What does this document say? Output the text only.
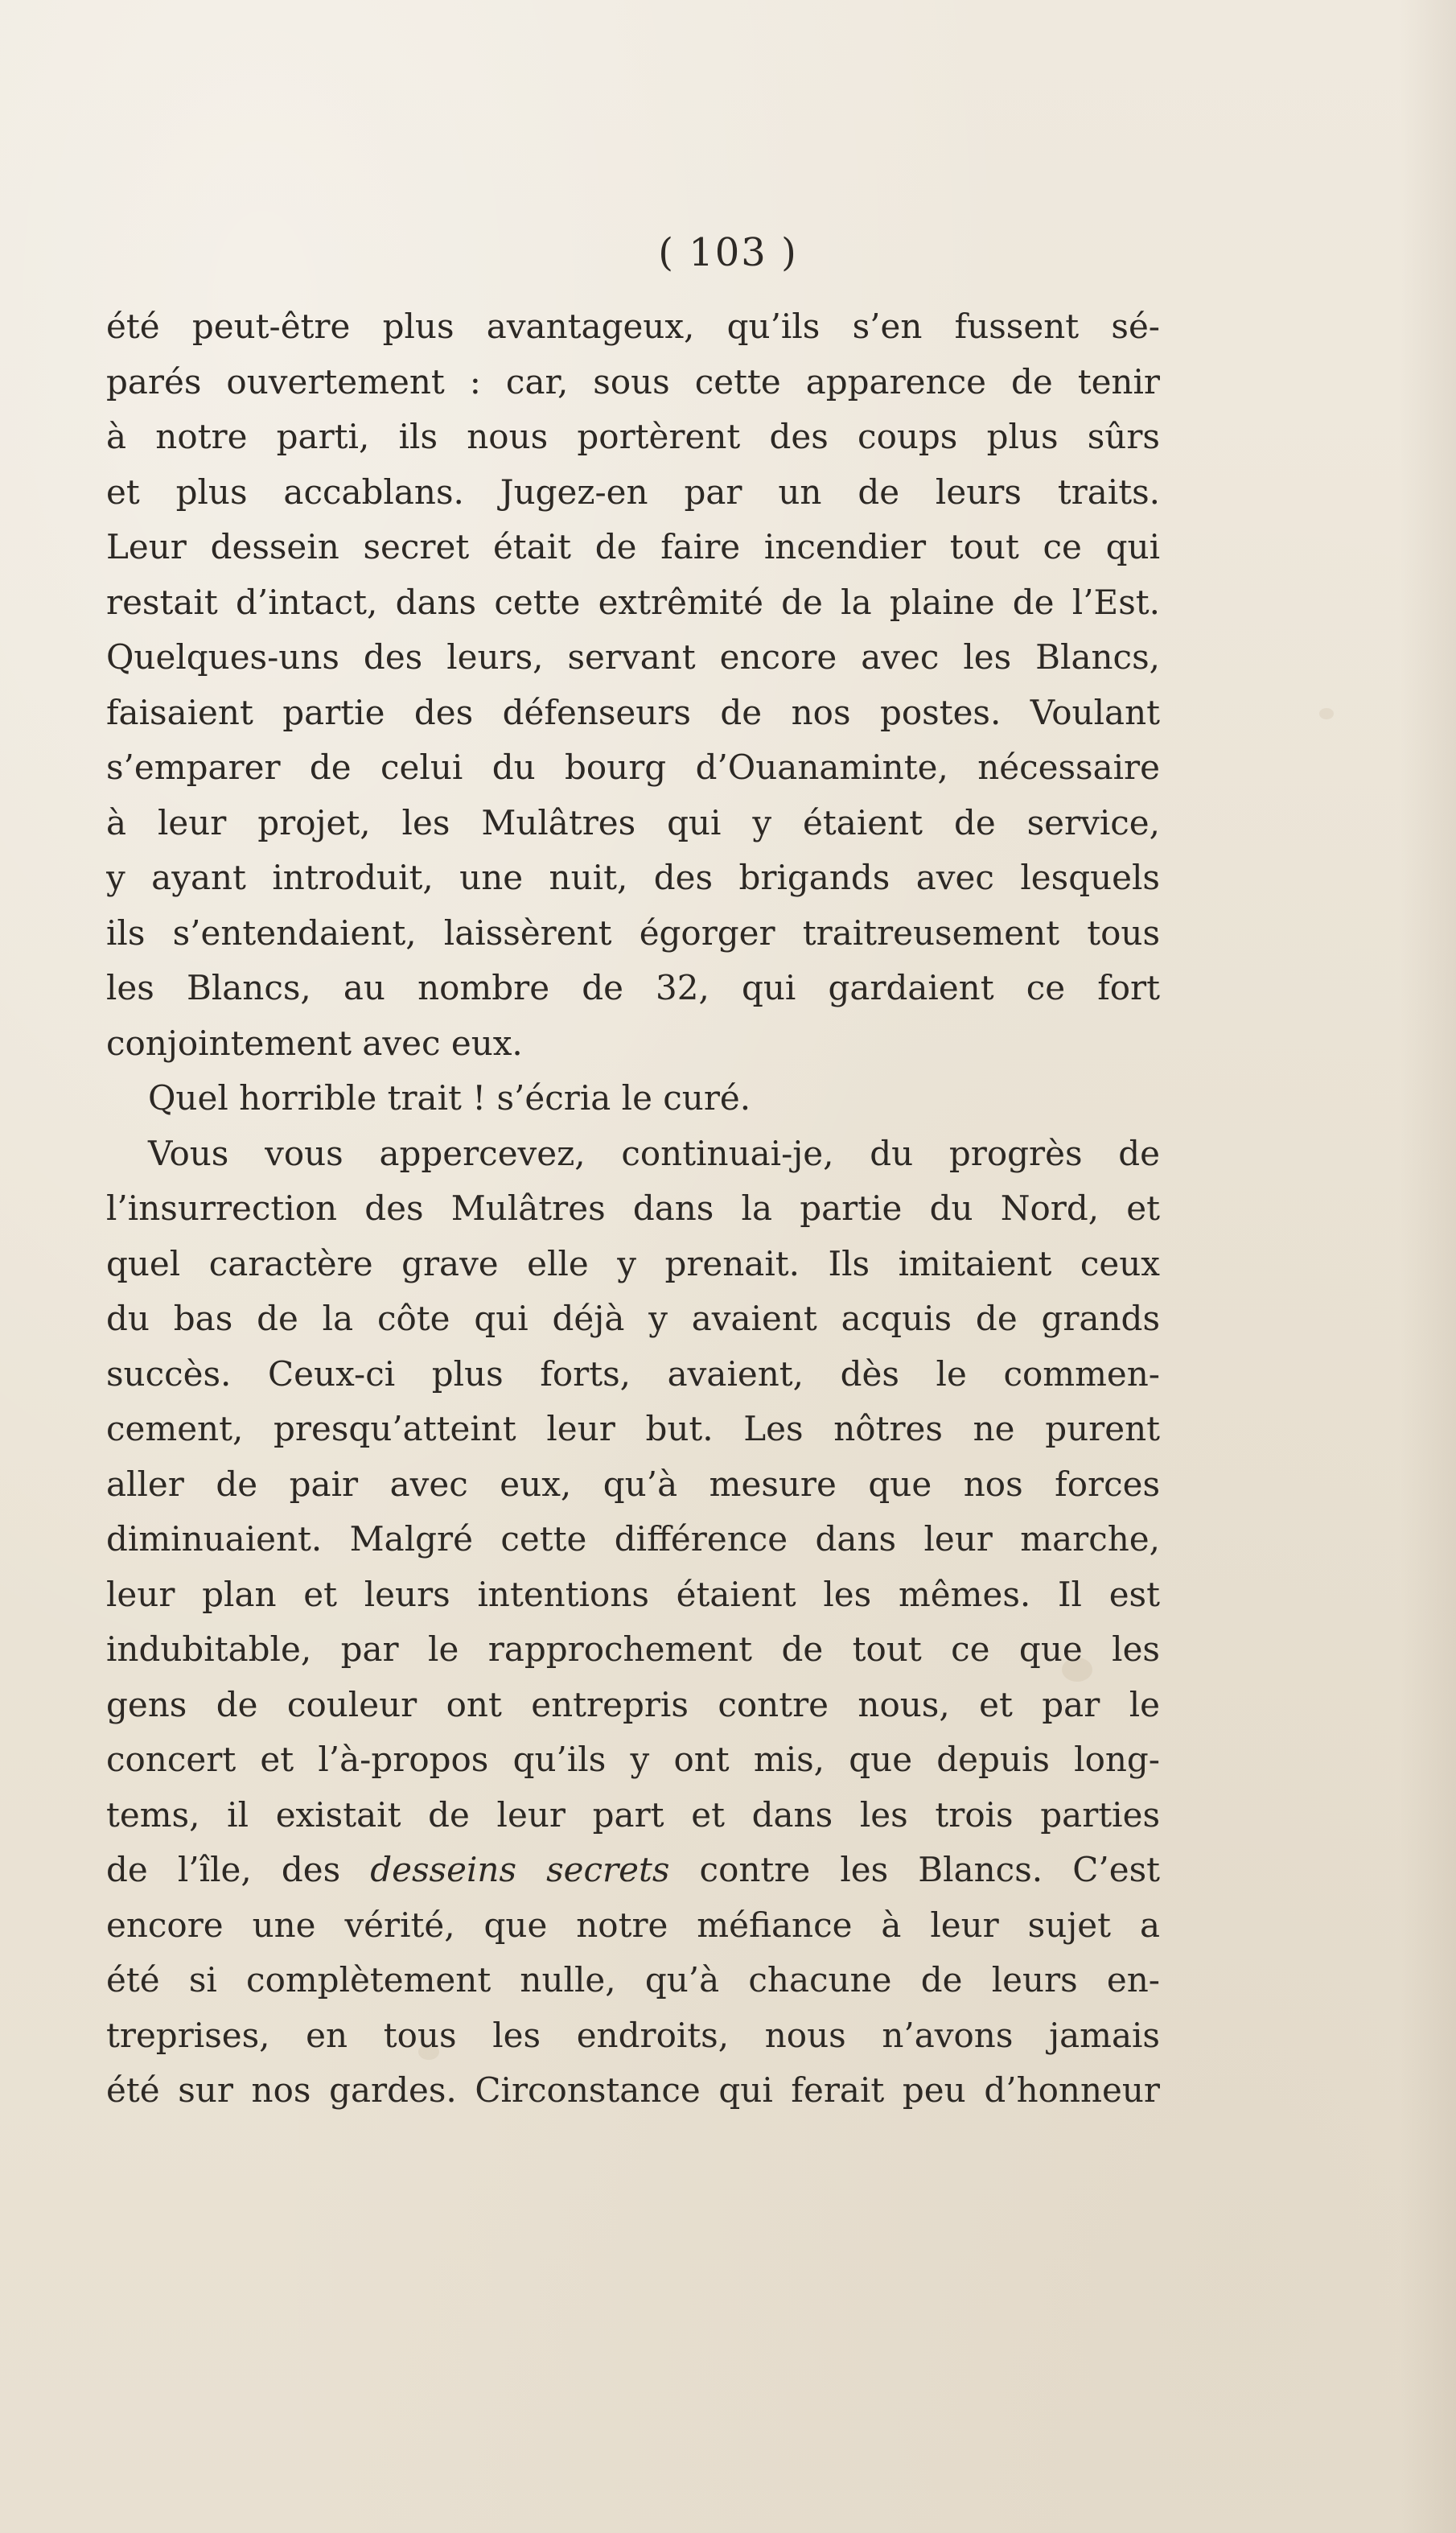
( 103 )
été peut-être plus avantageux, qu’ils s’en fussent sé-
parés ouvertement : car, sous cette apparence de tenir
à notre parti, ils nous portèrent des coups plus sûrs
et plus accablans. Jugez-en par un de leurs traits.
Leur dessein secret était de faire incendier tout ce qui
restait d’intact, dans cette extrêmité de la plaine de l’Est.
Quelques-uns des leurs, servant encore avec les Blancs,
faisaient partie des défenseurs de nos postes. Voulant
s’emparer de celui du bourg d’Ouanaminte, nécessaire
à leur projet, les Mulâtres qui y étaient de service,
y ayant introduit, une nuit, des brigands avec lesquels
ils s’entendaient, laissèrent égorger traitreusement tous
les Blancs, au nombre de 32, qui gardaient ce fort
conjointement avec eux.
Quel horrible trait ! s’écria le curé.
Vous vous appercevez, continuai-je, du progrès de
l’insurrection des Mulâtres dans la partie du Nord, et
quel caractère grave elle y prenait. Ils imitaient ceux
du bas de la côte qui déjà y avaient acquis de grands
succès. Ceux-ci plus forts, avaient, dès le commen-
cement, presqu’atteint leur but. Les nôtres ne purent
aller de pair avec eux, qu’à mesure que nos forces
diminuaient. Malgré cette différence dans leur marche,
leur plan et leurs intentions étaient les mêmes. Il est
indubitable, par le rapprochement de tout ce que les
gens de couleur ont entrepris contre nous, et par le
concert et l’à-propos qu’ils y ont mis, que depuis long-
tems, il existait de leur part et dans les trois parties
de l’île, des desseins secrets contre les Blancs. C’est
encore une vérité, que notre méfiance à leur sujet a
été si complètement nulle, qu’à chacune de leurs en-
treprises, en tous les endroits, nous n’avons jamais
été sur nos gardes. Circonstance qui ferait peu d’honneur
